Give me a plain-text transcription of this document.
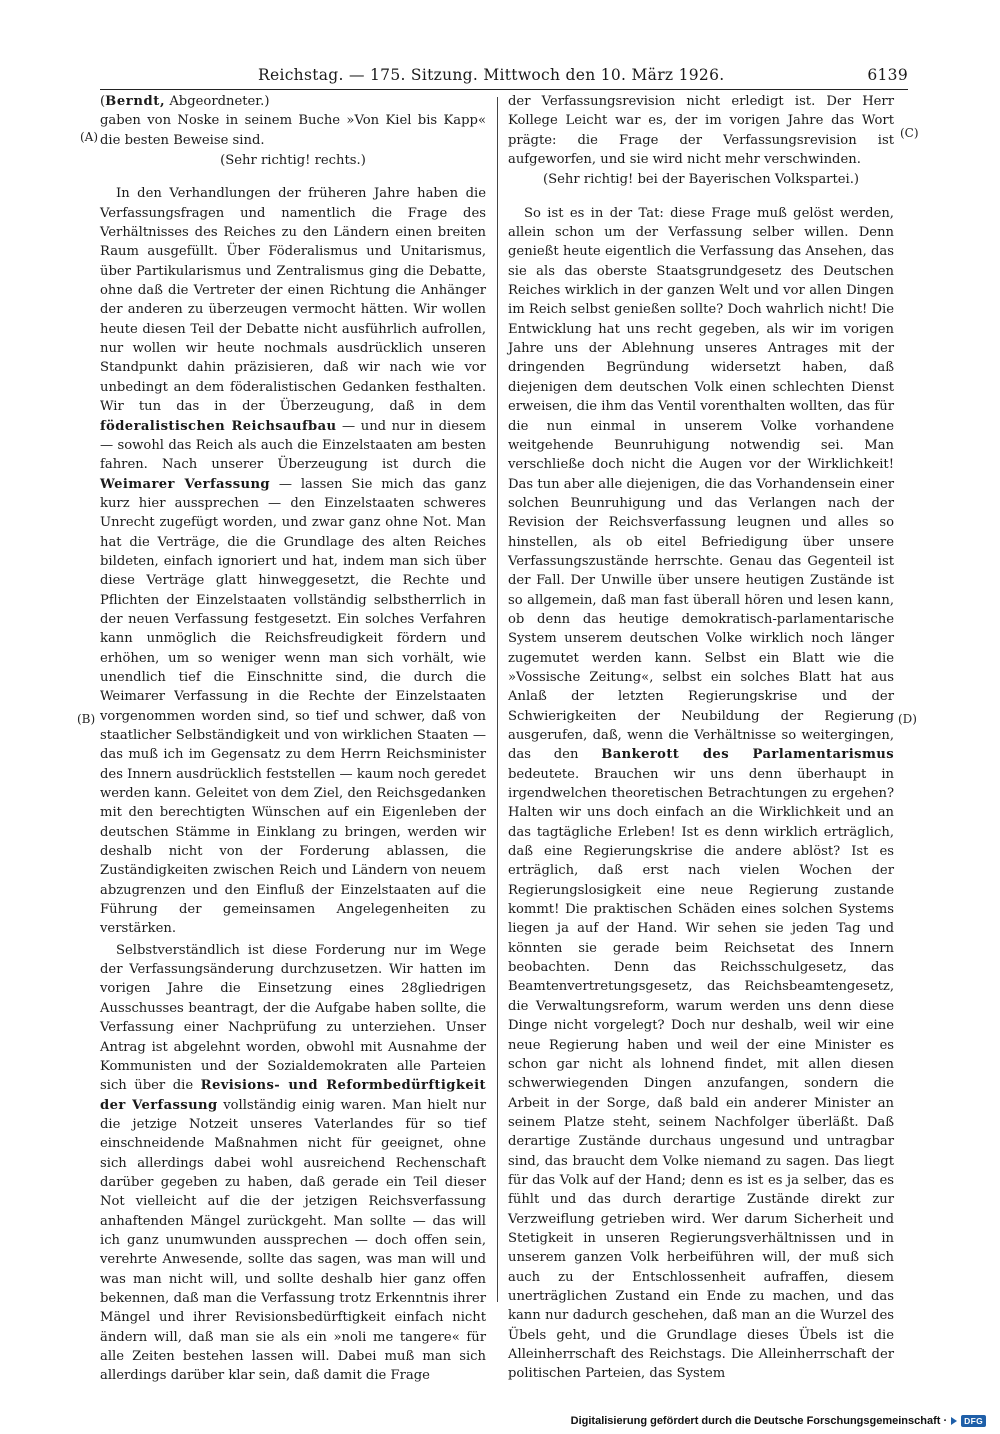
Reichstag. — 175. Sitzung. Mittwoch den 10. März 1926.	6139
(A)
(B)
(C)
(D)

(Berndt, Abgeordneter.)

gaben von Noske in seinem Buche »Von Kiel bis Kapp« die besten Beweise sind.

(Sehr richtig! rechts.)

In den Verhandlungen der früheren Jahre haben die Verfassungsfragen und namentlich die Frage des Verhältnisses des Reiches zu den Ländern einen breiten Raum ausgefüllt. Über Föderalismus und Unitarismus, über Partikularismus und Zentralismus ging die Debatte, ohne daß die Vertreter der einen Richtung die Anhänger der anderen zu überzeugen vermocht hätten. Wir wollen heute diesen Teil der Debatte nicht ausführlich aufrollen, nur wollen wir heute nochmals ausdrücklich unseren Standpunkt dahin präzisieren, daß wir nach wie vor unbedingt an dem föderalistischen Gedanken festhalten. Wir tun das in der Überzeugung, daß in dem föderalistischen Reichsaufbau — und nur in diesem — sowohl das Reich als auch die Einzelstaaten am besten fahren. Nach unserer Überzeugung ist durch die Weimarer Verfassung — lassen Sie mich das ganz kurz hier aussprechen — den Einzelstaaten schweres Unrecht zugefügt worden, und zwar ganz ohne Not. Man hat die Verträge, die die Grundlage des alten Reiches bildeten, einfach ignoriert und hat, indem man sich über diese Verträge glatt hinweggesetzt, die Rechte und Pflichten der Einzelstaaten vollständig selbstherrlich in der neuen Verfassung festgesetzt. Ein solches Verfahren kann unmöglich die Reichsfreudigkeit fördern und erhöhen, um so weniger wenn man sich vorhält, wie unendlich tief die Einschnitte sind, die durch die Weimarer Verfassung in die Rechte der Einzelstaaten vorgenommen worden sind, so tief und schwer, daß von staatlicher Selbständigkeit und von wirklichen Staaten — das muß ich im Gegensatz zu dem Herrn Reichsminister des Innern ausdrücklich feststellen — kaum noch geredet werden kann. Geleitet von dem Ziel, den Reichsgedanken mit den berechtigten Wünschen auf ein Eigenleben der deutschen Stämme in Einklang zu bringen, werden wir deshalb nicht von der Forderung ablassen, die Zuständigkeiten zwischen Reich und Ländern von neuem abzugrenzen und den Einfluß der Einzelstaaten auf die Führung der gemeinsamen Angelegenheiten zu verstärken.

Selbstverständlich ist diese Forderung nur im Wege der Verfassungsänderung durchzusetzen. Wir hatten im vorigen Jahre die Einsetzung eines 28gliedrigen Ausschusses beantragt, der die Aufgabe haben sollte, die Verfassung einer Nachprüfung zu unterziehen. Unser Antrag ist abgelehnt worden, obwohl mit Ausnahme der Kommunisten und der Sozialdemokraten alle Parteien sich über die Revisions- und Reformbedürftigkeit der Verfassung vollständig einig waren. Man hielt nur die jetzige Notzeit unseres Vaterlandes für so tief einschneidende Maßnahmen nicht für geeignet, ohne sich allerdings dabei wohl ausreichend Rechenschaft darüber gegeben zu haben, daß gerade ein Teil dieser Not vielleicht auf die der jetzigen Reichsverfassung anhaftenden Mängel zurückgeht. Man sollte — das will ich ganz unumwunden aussprechen — doch offen sein, verehrte Anwesende, sollte das sagen, was man will und was man nicht will, und sollte deshalb hier ganz offen bekennen, daß man die Verfassung trotz Erkenntnis ihrer Mängel und ihrer Revisionsbedürftigkeit einfach nicht ändern will, daß man sie als ein »noli me tangere« für alle Zeiten bestehen lassen will. Dabei muß man sich allerdings darüber klar sein, daß damit die Frage

der Verfassungsrevision nicht erledigt ist. Der Herr Kollege Leicht war es, der im vorigen Jahre das Wort prägte: die Frage der Verfassungsrevision ist aufgeworfen, und sie wird nicht mehr verschwinden.

(Sehr richtig! bei der Bayerischen Volkspartei.)

So ist es in der Tat: diese Frage muß gelöst werden, allein schon um der Verfassung selber willen. Denn genießt heute eigentlich die Verfassung das Ansehen, das sie als das oberste Staatsgrundgesetz des Deutschen Reiches wirklich in der ganzen Welt und vor allen Dingen im Reich selbst genießen sollte? Doch wahrlich nicht! Die Entwicklung hat uns recht gegeben, als wir im vorigen Jahre uns der Ablehnung unseres Antrages mit der dringenden Begründung widersetzt haben, daß diejenigen dem deutschen Volk einen schlechten Dienst erweisen, die ihm das Ventil vorenthalten wollten, das für die nun einmal in unserem Volke vorhandene weitgehende Beunruhigung notwendig sei. Man verschließe doch nicht die Augen vor der Wirklichkeit! Das tun aber alle diejenigen, die das Vorhandensein einer solchen Beunruhigung und das Verlangen nach der Revision der Reichsverfassung leugnen und alles so hinstellen, als ob eitel Befriedigung über unsere Verfassungszustände herrschte. Genau das Gegenteil ist der Fall. Der Unwille über unsere heutigen Zustände ist so allgemein, daß man fast überall hören und lesen kann, ob denn das heutige demokratisch-parlamentarische System unserem deutschen Volke wirklich noch länger zugemutet werden kann. Selbst ein Blatt wie die »Vossische Zeitung«, selbst ein solches Blatt hat aus Anlaß der letzten Regierungskrise und der Schwierigkeiten der Neubildung der Regierung ausgerufen, daß, wenn die Verhältnisse so weitergingen, das den Bankerott des Parlamentarismus bedeutete. Brauchen wir uns denn überhaupt in irgendwelchen theoretischen Betrachtungen zu ergehen? Halten wir uns doch einfach an die Wirklichkeit und an das tagtägliche Erleben! Ist es denn wirklich erträglich, daß eine Regierungskrise die andere ablöst? Ist es erträglich, daß erst nach vielen Wochen der Regierungslosigkeit eine neue Regierung zustande kommt! Die praktischen Schäden eines solchen Systems liegen ja auf der Hand. Wir sehen sie jeden Tag und könnten sie gerade beim Reichsetat des Innern beobachten. Denn das Reichsschulgesetz, das Beamtenvertretungsgesetz, das Reichsbeamtengesetz, die Verwaltungsreform, warum werden uns denn diese Dinge nicht vorgelegt? Doch nur deshalb, weil wir eine neue Regierung haben und weil der eine Minister es schon gar nicht als lohnend findet, mit allen diesen schwerwiegenden Dingen anzufangen, sondern die Arbeit in der Sorge, daß bald ein anderer Minister an seinem Platze steht, seinem Nachfolger überläßt. Daß derartige Zustände durchaus ungesund und untragbar sind, das braucht dem Volke niemand zu sagen. Das liegt für das Volk auf der Hand; denn es ist es ja selber, das es fühlt und das durch derartige Zustände direkt zur Verzweiflung getrieben wird. Wer darum Sicherheit und Stetigkeit in unseren Regierungsverhältnissen und in unserem ganzen Volk herbeiführen will, der muß sich auch zu der Entschlossenheit aufraffen, diesem unerträglichen Zustand ein Ende zu machen, und das kann nur dadurch geschehen, daß man an die Wurzel des Übels geht, und die Grundlage dieses Übels ist die Alleinherrschaft des Reichstags. Die Alleinherrschaft der politischen Parteien, das System

Digitalisierung gefördert durch die Deutsche Forschungsgemeinschaft ·	DFG
